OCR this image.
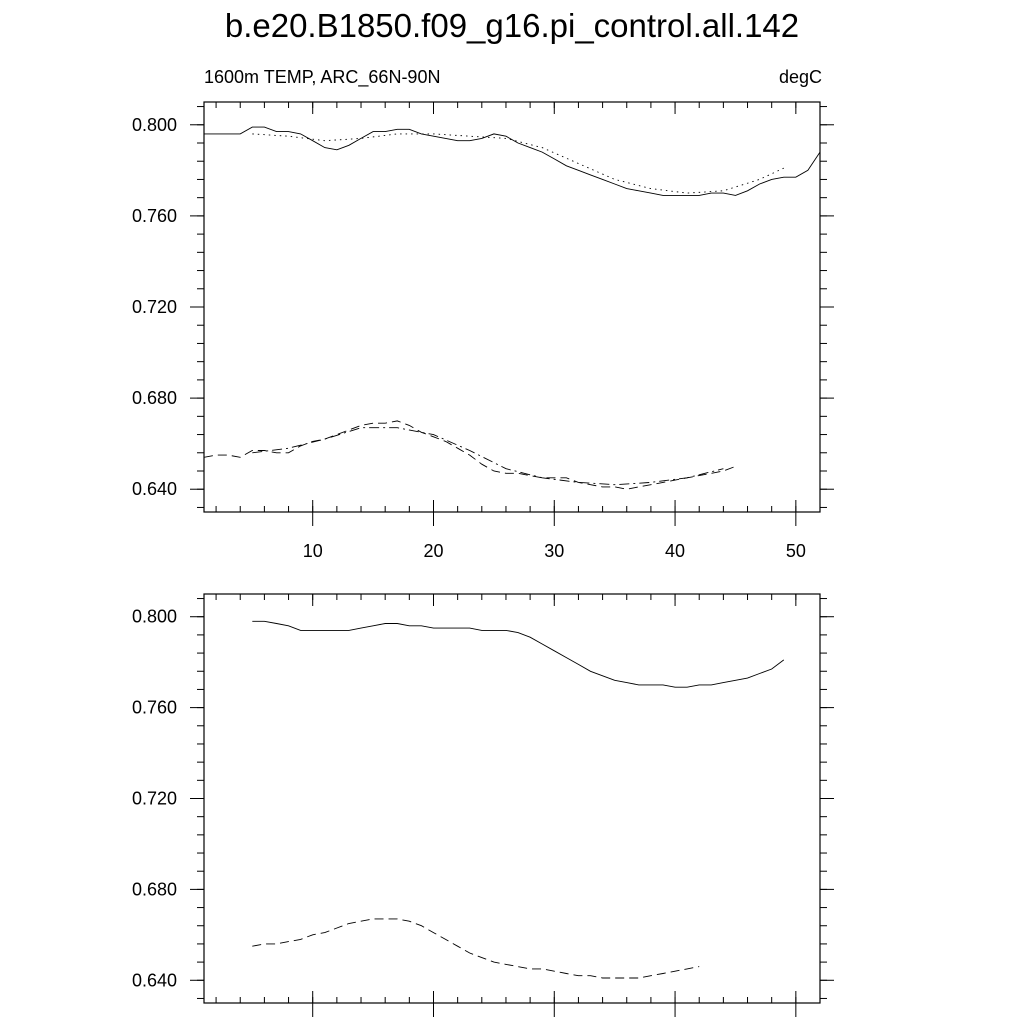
b.e20.B1850.f09_g16.pi_control.all.142
1600m TEMP, ARC_66N-90N	degC
10	20	30	40	50
0.640
0.680
0.720
0.760
0.800
0.640
0.680
0.720
0.760
0.800
